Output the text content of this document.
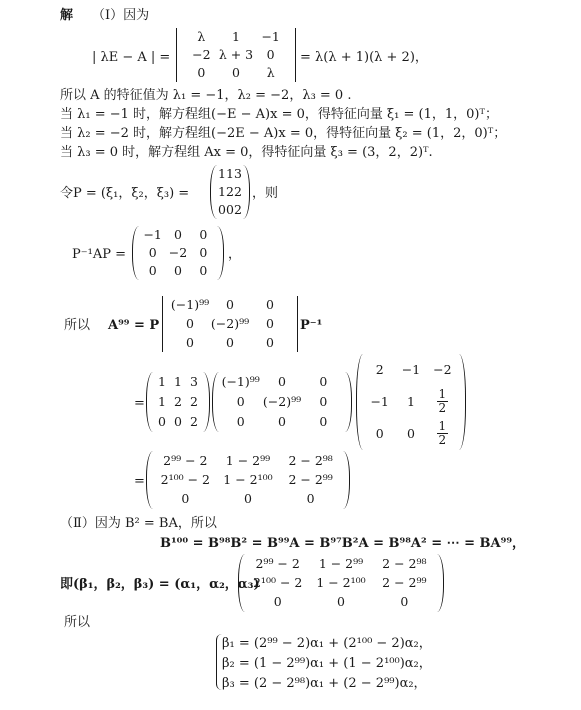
解 （Ⅰ）因为
| λE − A | =
λ	1	−1
−2 λ + 3	0
0	0	λ
= λ(λ + 1)(λ + 2)，
所以 A 的特征值为 λ₁ = −1，λ₂ = −2，λ₃ = 0 .
当 λ₁ = −1 时，解方程组(−E − A)x = 0，得特征向量 ξ₁ = (1，1，0)ᵀ；
当 λ₂ = −2 时，解方程组(−2E − A)x = 0，得特征向量 ξ₂ = (1，2，0)ᵀ；
当 λ₃ = 0 时，解方程组 Ax = 0，得特征向量 ξ₃ = (3，2，2)ᵀ.
令P = (ξ₁，ξ₂，ξ₃) =
1 1 3
1 2 2
0 0 2
，则
P⁻¹AP =
−1 0	0
0 −2 0
0	0	0
，
所以 A⁹⁹ = P
(−1)⁹⁹	0	0
0	(−2)⁹⁹	0
0	0	0
P⁻¹
=
1 1 3
1 2 2
0 0 2
(−1)⁹⁹	0	0
0	(−2)⁹⁹	0
0	0	0
2	−1	−2
−1	1	$\frac{1}{2}$
0	0	$\frac{1}{2}$
=
2⁹⁹ − 2	1 − 2⁹⁹	2 − 2⁹⁸
2¹⁰⁰ − 2	1 − 2¹⁰⁰	2 − 2⁹⁹
0	0	0
（Ⅱ）因为 B² = BA，所以
B¹⁰⁰ = B⁹⁸B² = B⁹⁹A = B⁹⁷B²A = B⁹⁸A² = ⋯ = BA⁹⁹，
即(β₁，β₂，β₃) = (α₁，α₂，α₃)
2⁹⁹ − 2	1 − 2⁹⁹	2 − 2⁹⁸
2¹⁰⁰ − 2	1 − 2¹⁰⁰	2 − 2⁹⁹
0	0	0
所以
β₁ = (2⁹⁹ − 2)α₁ + (2¹⁰⁰ − 2)α₂，
β₂ = (1 − 2⁹⁹)α₁ + (1 − 2¹⁰⁰)α₂，
β₃ = (2 − 2⁹⁸)α₁ + (2 − 2⁹⁹)α₂，
